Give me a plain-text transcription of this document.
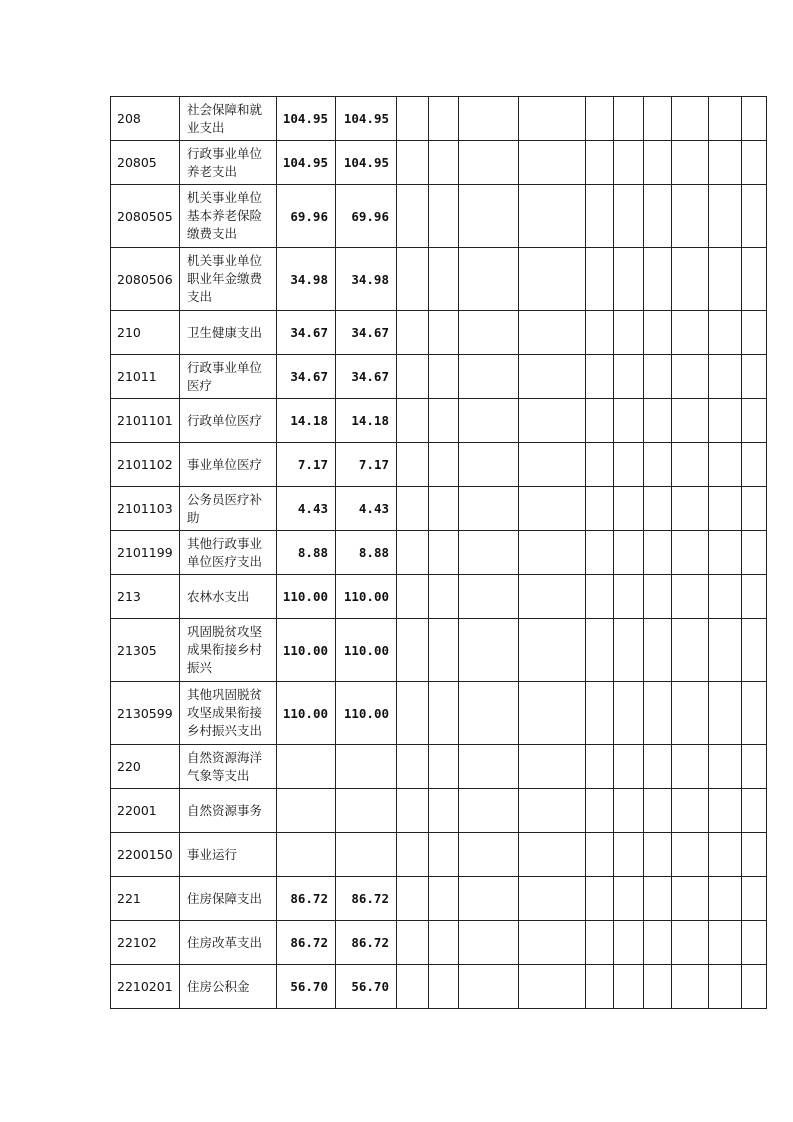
208	社会保障和就
业支出	104.95	104.95										
20805	行政事业单位
养老支出	104.95	104.95										
2080505	机关事业单位
基本养老保险
缴费支出	69.96	69.96										
2080506	机关事业单位
职业年金缴费
支出	34.98	34.98										
210	卫生健康支出	34.67	34.67										
21011	行政事业单位
医疗	34.67	34.67										
2101101	行政单位医疗	14.18	14.18										
2101102	事业单位医疗	7.17	7.17										
2101103	公务员医疗补
助	4.43	4.43										
2101199	其他行政事业
单位医疗支出	8.88	8.88										
213	农林水支出	110.00	110.00										
21305	巩固脱贫攻坚
成果衔接乡村
振兴	110.00	110.00										
2130599	其他巩固脱贫
攻坚成果衔接
乡村振兴支出	110.00	110.00										
220	自然资源海洋
气象等支出												
22001	自然资源事务												
2200150	事业运行												
221	住房保障支出	86.72	86.72										
22102	住房改革支出	86.72	86.72										
2210201	住房公积金	56.70	56.70										
